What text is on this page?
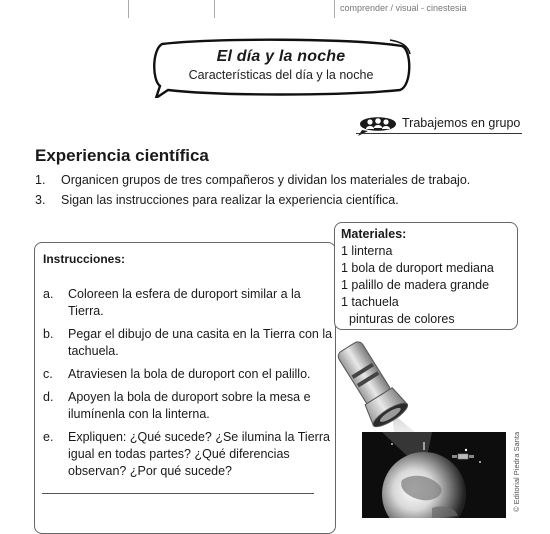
comprender / visual - cinestesia
El día y la noche
Características del día y la noche
Trabajemos en grupo
Experiencia científica
1. Organicen grupos de tres compañeros y dividan los materiales de trabajo.
3. Sigan las instrucciones para realizar la experiencia científica.
Instrucciones:
a. Coloreen la esfera de duroport similar a la Tierra.
b. Pegar el dibujo de una casita en la Tierra con la tachuela.
c. Atraviesen la bola de duroport con el palillo.
d. Apoyen la bola de duroport sobre la mesa e ilumínenla con la linterna.
e. Expliquen: ¿Qué sucede? ¿Se ilumina la Tierra igual en todas partes? ¿Qué diferencias observan? ¿Por qué sucede?
Materiales:
1 linterna
1 bola de duroport mediana
1 palillo de madera grande
1 tachuela
pinturas de colores
© Editorial Piedra Santa
